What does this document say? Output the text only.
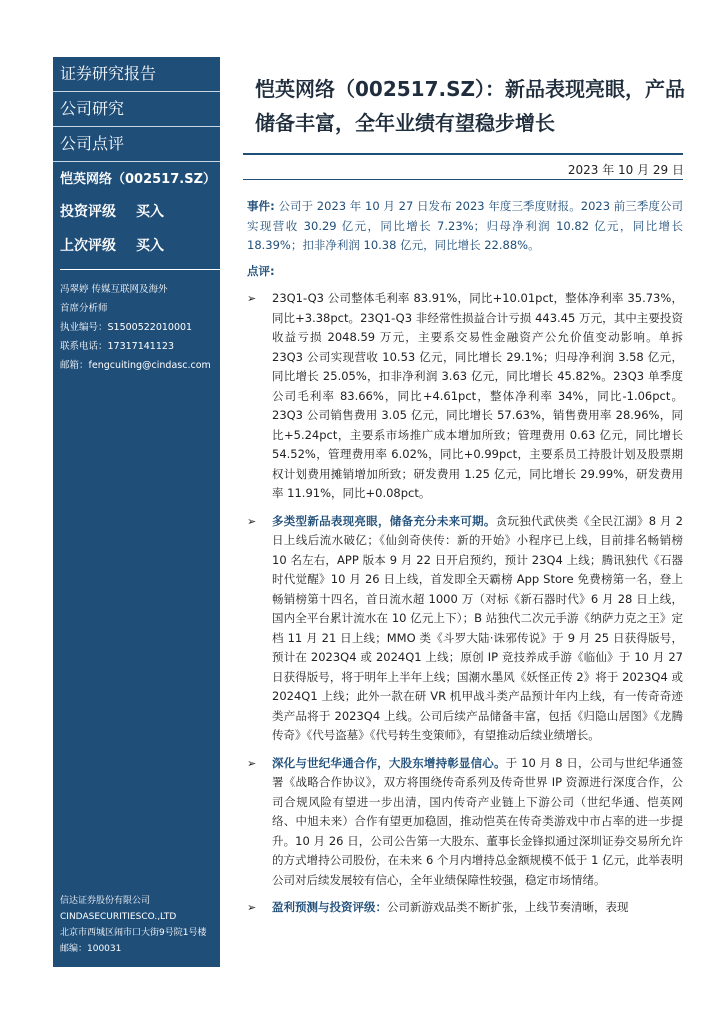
证券研究报告
公司研究
公司点评
恺英网络（002517.SZ）
投资评级	买入
上次评级	买入
冯翠婷 传媒互联网及海外
首席分析师
执业编号：S1500522010001
联系电话：17317141123
邮箱：fengcuiting@cindasc.com
信达证券股份有限公司
CINDASECURITIESCO.,LTD
北京市西城区闹市口大街9号院1号楼
邮编：100031
恺英网络（002517.SZ）：新品表现亮眼，产品储备丰富，全年业绩有望稳步增长
2023 年 10 月 29 日
事件: 公司于 2023 年 10 月 27 日发布 2023 年度三季度财报。2023 前三季度公司实现营收 30.29 亿元，同比增长 7.23%；归母净利润 10.82 亿元，同比增长 18.39%；扣非净利润 10.38 亿元，同比增长 22.88%。
点评:
➢	23Q1-Q3 公司整体毛利率 83.91%，同比+10.01pct，整体净利率 35.73%，同比+3.38pct。23Q1-Q3 非经常性损益合计亏损 443.45 万元，其中主要投资收益亏损 2048.59 万元，主要系交易性金融资产公允价值变动影响。单拆 23Q3 公司实现营收 10.53 亿元，同比增长 29.1%；归母净利润 3.58 亿元，同比增长 25.05%，扣非净利润 3.63 亿元，同比增长 45.82%。23Q3 单季度公司毛利率 83.66%，同比+4.61pct，整体净利率 34%，同比-1.06pct。23Q3 公司销售费用 3.05 亿元，同比增长 57.63%，销售费用率 28.96%，同比+5.24pct，主要系市场推广成本增加所致；管理费用 0.63 亿元，同比增长 54.52%，管理费用率 6.02%，同比+0.99pct，主要系员工持股计划及股票期权计划费用摊销增加所致；研发费用 1.25 亿元，同比增长 29.99%，研发费用率 11.91%，同比+0.08pct。
➢	多类型新品表现亮眼，储备充分未来可期。贪玩独代武侠类《全民江湖》8 月 2 日上线后流水破亿；《仙剑奇侠传：新的开始》小程序已上线，目前排名畅销榜 10 名左右，APP 版本 9 月 22 日开启预约，预计 23Q4 上线；腾讯独代《石器时代觉醒》10 月 26 日上线，首发即全天霸榜 App Store 免费榜第一名，登上畅销榜第十四名，首日流水超 1000 万（对标《新石器时代》6 月 28 日上线，国内全平台累计流水在 10 亿元上下）；B 站独代二次元手游《纳萨力克之王》定档 11 月 21 日上线；MMO 类《斗罗大陆·诛邪传说》于 9 月 25 日获得版号，预计在 2023Q4 或 2024Q1 上线；原创 IP 竞技养成手游《临仙》于 10 月 27 日获得版号，将于明年上半年上线；国潮水墨风《妖怪正传 2》将于 2023Q4 或 2024Q1 上线；此外一款在研 VR 机甲战斗类产品预计年内上线，有一传奇奇迹类产品将于 2023Q4 上线。公司后续产品储备丰富，包括《归隐山居图》《龙腾传奇》《代号盗墓》《代号转生变策师》，有望推动后续业绩增长。
➢	深化与世纪华通合作，大股东增持彰显信心。于 10 月 8 日，公司与世纪华通签署《战略合作协议》，双方将围绕传奇系列及传奇世界 IP 资源进行深度合作，公司合规风险有望进一步出清，国内传奇产业链上下游公司（世纪华通、恺英网络、中旭未来）合作有望更加稳固，推动恺英在传奇类游戏中市占率的进一步提升。10 月 26 日，公司公告第一大股东、董事长金锋拟通过深圳证券交易所允许的方式增持公司股份，在未来 6 个月内增持总金额规模不低于 1 亿元，此举表明公司对后续发展较有信心，全年业绩保障性较强，稳定市场情绪。
➢	盈利预测与投资评级：公司新游戏品类不断扩张，上线节奏清晰，表现
